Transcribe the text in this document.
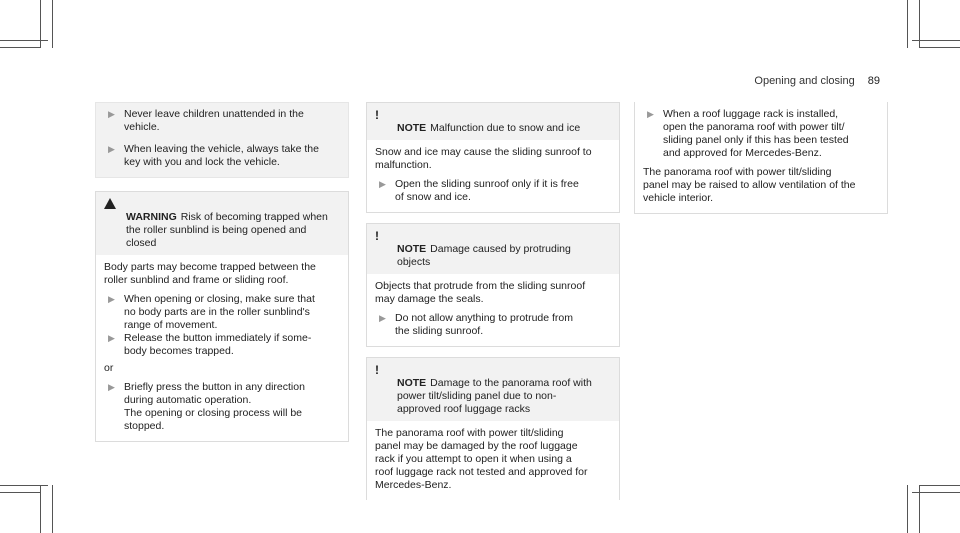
Opening and closing 89

▶ Never leave children unattended in the
vehicle.

▶ When leaving the vehicle, always take the
key with you and lock the vehicle.

WARNING Risk of becoming trapped when
the roller sunblind is being opened and
closed

Body parts may become trapped between the
roller sunblind and frame or sliding roof.

▶ When opening or closing, make sure that
no body parts are in the roller sunblind's
range of movement.

▶ Release the button immediately if some-
body becomes trapped.

or

▶ Briefly press the button in any direction
during automatic operation.
The opening or closing process will be
stopped.

!
NOTE Malfunction due to snow and ice

Snow and ice may cause the sliding sunroof to
malfunction.

▶ Open the sliding sunroof only if it is free
of snow and ice.

!
NOTE Damage caused by protruding
objects

Objects that protrude from the sliding sunroof
may damage the seals.

▶ Do not allow anything to protrude from
the sliding sunroof.

!
NOTE Damage to the panorama roof with
power tilt/sliding panel due to non-
approved roof luggage racks

The panorama roof with power tilt/sliding
panel may be damaged by the roof luggage
rack if you attempt to open it when using a
roof luggage rack not tested and approved for
Mercedes-Benz.

▶ When a roof luggage rack is installed,
open the panorama roof with power tilt/
sliding panel only if this has been tested
and approved for Mercedes-Benz.

The panorama roof with power tilt/sliding
panel may be raised to allow ventilation of the
vehicle interior.
